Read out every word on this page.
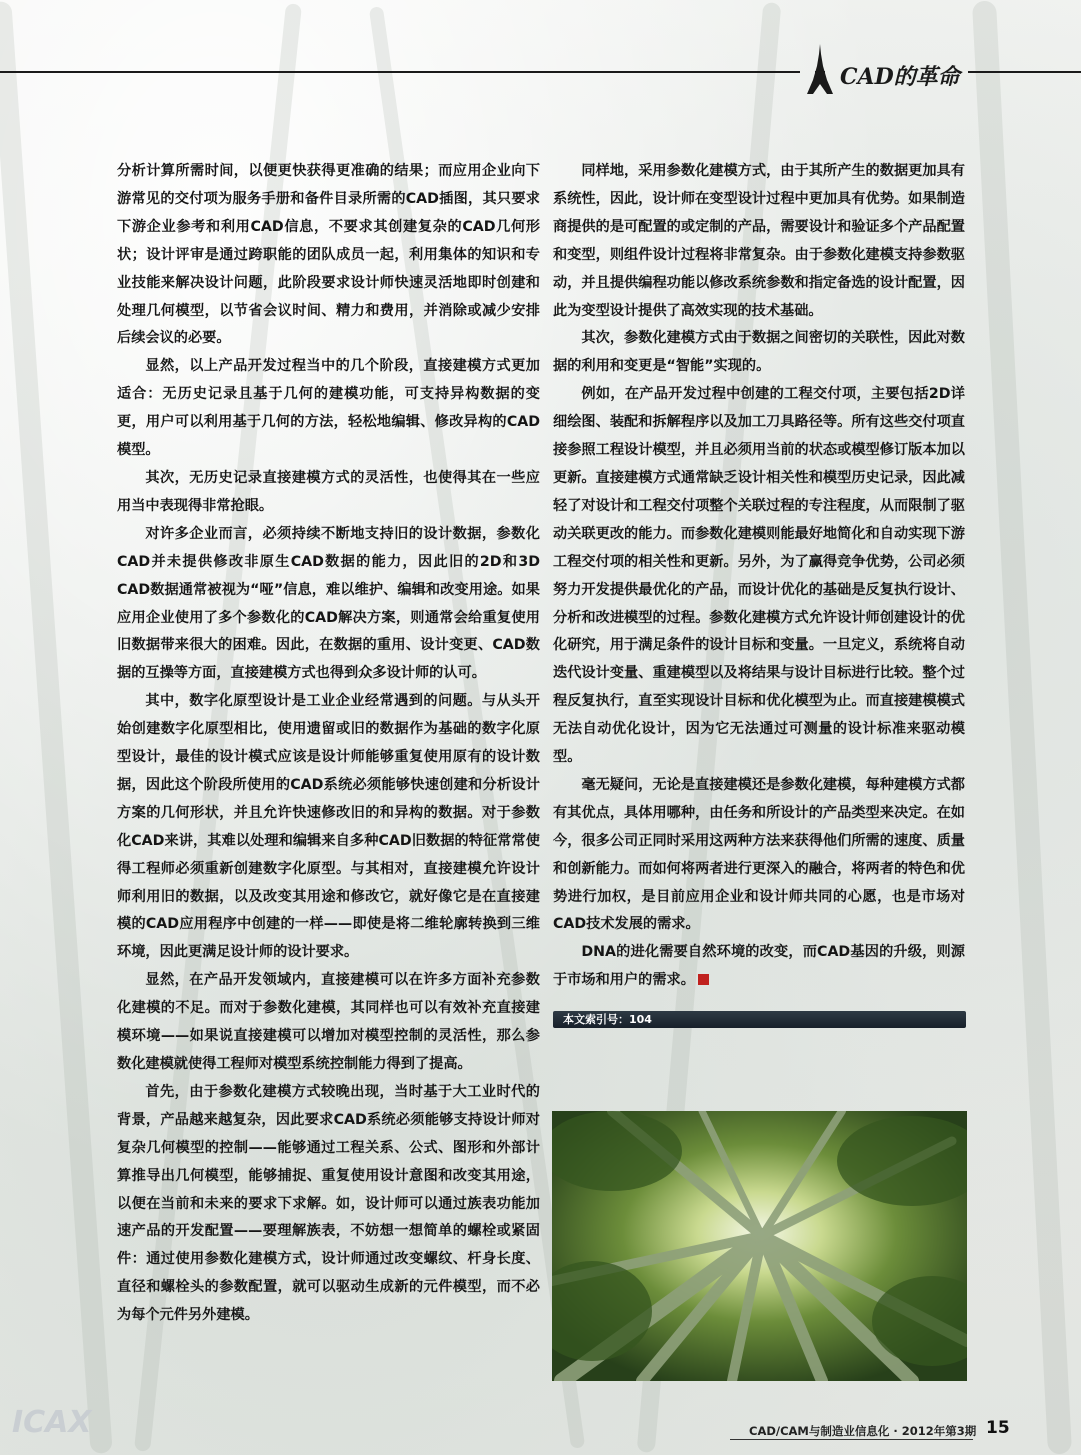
CAD的革命

分析计算所需时间，以便更快获得更准确的结果；而应用企业向下游常见的交付项为服务手册和备件目录所需的CAD插图，其只要求下游企业参考和利用CAD信息，不要求其创建复杂的CAD几何形状；设计评审是通过跨职能的团队成员一起，利用集体的知识和专业技能来解决设计问题，此阶段要求设计师快速灵活地即时创建和处理几何模型，以节省会议时间、精力和费用，并消除或减少安排后续会议的必要。

显然，以上产品开发过程当中的几个阶段，直接建模方式更加适合：无历史记录且基于几何的建模功能，可支持异构数据的变更，用户可以利用基于几何的方法，轻松地编辑、修改异构的CAD模型。

其次，无历史记录直接建模方式的灵活性，也使得其在一些应用当中表现得非常抢眼。

对许多企业而言，必须持续不断地支持旧的设计数据，参数化CAD并未提供修改非原生CAD数据的能力，因此旧的2D和3D CAD数据通常被视为“哑”信息，难以维护、编辑和改变用途。如果应用企业使用了多个参数化的CAD解决方案，则通常会给重复使用旧数据带来很大的困难。因此，在数据的重用、设计变更、CAD数据的互操等方面，直接建模方式也得到众多设计师的认可。

其中，数字化原型设计是工业企业经常遇到的问题。与从头开始创建数字化原型相比，使用遗留或旧的数据作为基础的数字化原型设计，最佳的设计模式应该是设计师能够重复使用原有的设计数据，因此这个阶段所使用的CAD系统必须能够快速创建和分析设计方案的几何形状，并且允许快速修改旧的和异构的数据。对于参数化CAD来讲，其难以处理和编辑来自多种CAD旧数据的特征常常使得工程师必须重新创建数字化原型。与其相对，直接建模允许设计师利用旧的数据，以及改变其用途和修改它，就好像它是在直接建模的CAD应用程序中创建的一样——即使是将二维轮廓转换到三维环境，因此更满足设计师的设计要求。

显然，在产品开发领域内，直接建模可以在许多方面补充参数化建模的不足。而对于参数化建模，其同样也可以有效补充直接建模环境——如果说直接建模可以增加对模型控制的灵活性，那么参数化建模就使得工程师对模型系统控制能力得到了提高。

首先，由于参数化建模方式较晚出现，当时基于大工业时代的背景，产品越来越复杂，因此要求CAD系统必须能够支持设计师对复杂几何模型的控制——能够通过工程关系、公式、图形和外部计算推导出几何模型，能够捕捉、重复使用设计意图和改变其用途，以便在当前和未来的要求下求解。如，设计师可以通过族表功能加速产品的开发配置——要理解族表，不妨想一想简单的螺栓或紧固件：通过使用参数化建模方式，设计师通过改变螺纹、杆身长度、直径和螺栓头的参数配置，就可以驱动生成新的元件模型，而不必为每个元件另外建模。

同样地，采用参数化建模方式，由于其所产生的数据更加具有系统性，因此，设计师在变型设计过程中更加具有优势。如果制造商提供的是可配置的或定制的产品，需要设计和验证多个产品配置和变型，则组件设计过程将非常复杂。由于参数化建模支持参数驱动，并且提供编程功能以修改系统参数和指定备选的设计配置，因此为变型设计提供了高效实现的技术基础。

其次，参数化建模方式由于数据之间密切的关联性，因此对数据的利用和变更是“智能”实现的。

例如，在产品开发过程中创建的工程交付项，主要包括2D详细绘图、装配和拆解程序以及加工刀具路径等。所有这些交付项直接参照工程设计模型，并且必须用当前的状态或模型修订版本加以更新。直接建模方式通常缺乏设计相关性和模型历史记录，因此减轻了对设计和工程交付项整个关联过程的专注程度，从而限制了驱动关联更改的能力。而参数化建模则能最好地简化和自动实现下游工程交付项的相关性和更新。另外，为了赢得竞争优势，公司必须努力开发提供最优化的产品，而设计优化的基础是反复执行设计、分析和改进模型的过程。参数化建模方式允许设计师创建设计的优化研究，用于满足条件的设计目标和变量。一旦定义，系统将自动迭代设计变量、重建模型以及将结果与设计目标进行比较。整个过程反复执行，直至实现设计目标和优化模型为止。而直接建模模式无法自动优化设计，因为它无法通过可测量的设计标准来驱动模型。

毫无疑问，无论是直接建模还是参数化建模，每种建模方式都有其优点，具体用哪种，由任务和所设计的产品类型来决定。在如今，很多公司正同时采用这两种方法来获得他们所需的速度、质量和创新能力。而如何将两者进行更深入的融合，将两者的特色和优势进行加权，是目前应用企业和设计师共同的心愿，也是市场对CAD技术发展的需求。

DNA的进化需要自然环境的改变，而CAD基因的升级，则源于市场和用户的需求。

本文索引号：104
ICAX	CAD/CAM与制造业信息化 · 2012年第3期 15
